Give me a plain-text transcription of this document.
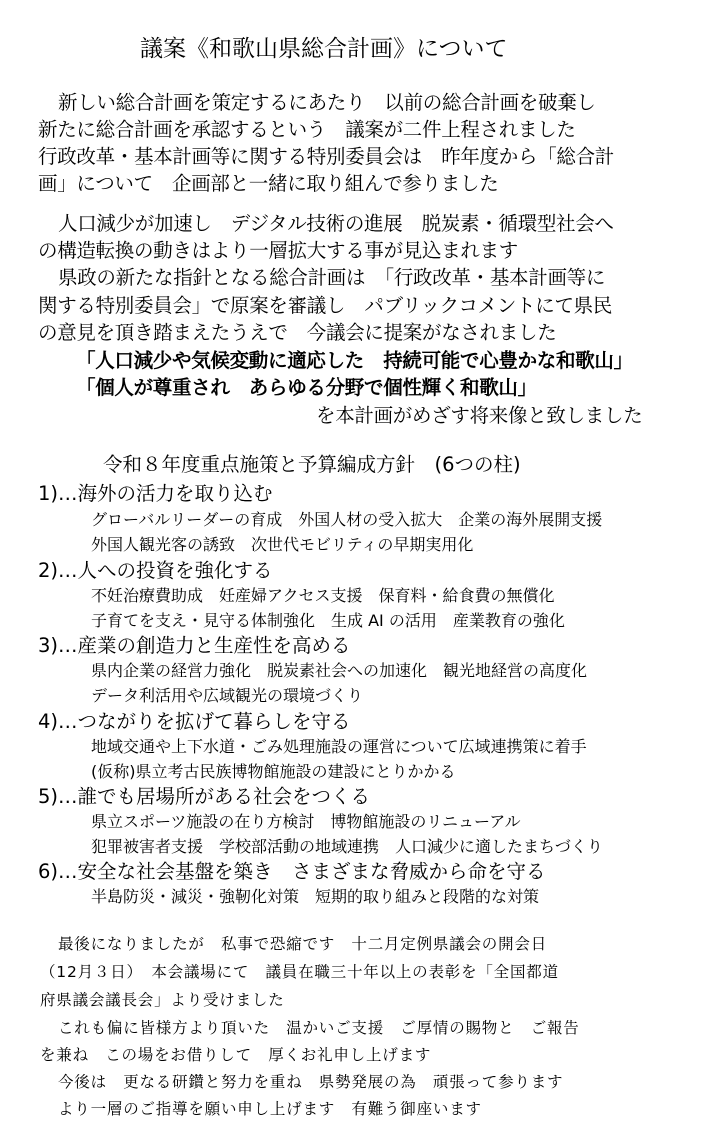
議案《和歌山県総合計画》について
新しい総合計画を策定するにあたり　以前の総合計画を破棄し
新たに総合計画を承認するという　議案が二件上程されました
行政改革・基本計画等に関する特別委員会は　昨年度から「総合計
画」について　企画部と一緒に取り組んで参りました
人口減少が加速し　デジタル技術の進展　脱炭素・循環型社会へ
の構造転換の動きはより一層拡大する事が見込まれます
県政の新たな指針となる総合計画は　「行政改革・基本計画等に
関する特別委員会」で原案を審議し　パブリックコメントにて県民
の意見を頂き踏まえたうえで　今議会に提案がなされました
「人口減少や気候変動に適応した　持続可能で心豊かな和歌山」
「個人が尊重され　あらゆる分野で個性輝く和歌山」
を本計画がめざす将来像と致しました
令和８年度重点施策と予算編成方針　(6つの柱)
1)…海外の活力を取り込む
グローバルリーダーの育成　外国人材の受入拡大　企業の海外展開支援
外国人観光客の誘致　次世代モビリティの早期実用化
2)…人への投資を強化する
不妊治療費助成　妊産婦アクセス支援　保育料・給食費の無償化
子育てを支え・見守る体制強化　生成 AI の活用　産業教育の強化
3)…産業の創造力と生産性を高める
県内企業の経営力強化　脱炭素社会への加速化　観光地経営の高度化
データ利活用や広域観光の環境づくり
4)…つながりを拡げて暮らしを守る
地域交通や上下水道・ごみ処理施設の運営について広域連携策に着手
(仮称)県立考古民族博物館施設の建設にとりかかる
5)…誰でも居場所がある社会をつくる
県立スポーツ施設の在り方検討　博物館施設のリニューアル
犯罪被害者支援　学校部活動の地域連携　人口減少に適したまちづくり
6)…安全な社会基盤を築き　さまざまな脅威から命を守る
半島防災・減災・強靭化対策　短期的取り組みと段階的な対策
最後になりましたが　私事で恐縮です　十二月定例県議会の開会日
（12月３日）　本会議場にて　議員在職三十年以上の表彰を「全国都道
府県議会議長会」より受けました
これも偏に皆様方より頂いた　温かいご支援　ご厚情の賜物と　ご報告
を兼ね　この場をお借りして　厚くお礼申し上げます
今後は　更なる研鑽と努力を重ね　県勢発展の為　頑張って参ります
より一層のご指導を願い申し上げます　有難う御座います
